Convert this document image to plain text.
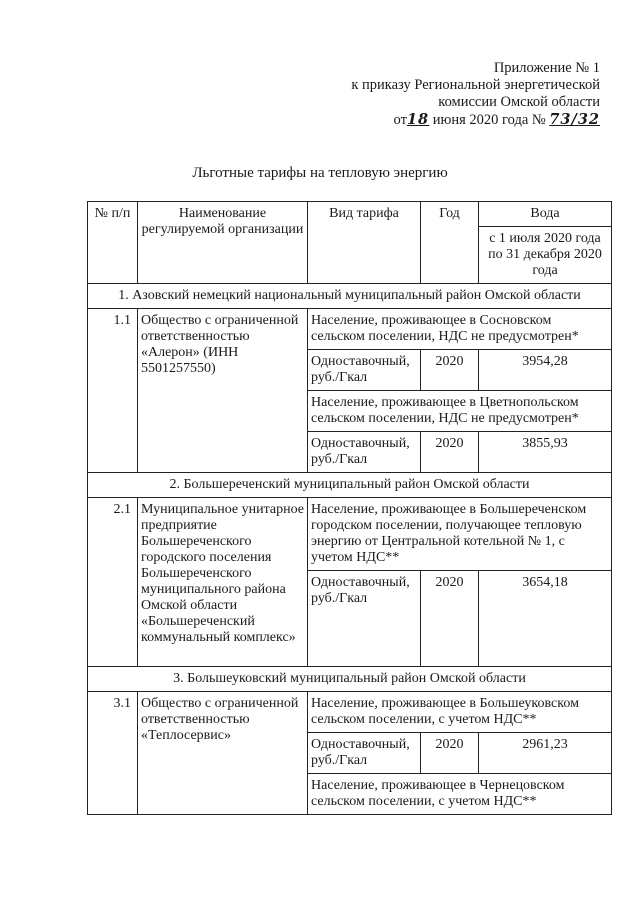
Приложение № 1
к приказу Региональной энергетической
комиссии Омской области
от18 июня 2020 года № 73/32
Льготные тарифы на тепловую энергию
№ п/п	Наименование регулируемой организации	Вид тарифа	Год	Вода
				с 1 июля 2020 года по 31 декабря 2020 года
1. Азовский немецкий национальный муниципальный район Омской области				
1.1	Общество с ограниченной ответственностью «Алерон» (ИНН 5501257550)	Население, проживающее в Сосновском сельском поселении, НДС не предусмотрен*		
		Одноставочный, руб./Гкал	2020	3954,28
		Население, проживающее в Цветнопольском сельском поселении, НДС не предусмотрен*		
		Одноставочный, руб./Гкал	2020	3855,93
2. Большереченский муниципальный район Омской области				
2.1	Муниципальное унитарное предприятие Большереченского городского поселения Большереченского муниципального района Омской области «Большереченский коммунальный комплекс»	Население, проживающее в Большереченском городском поселении, получающее тепловую энергию от Центральной котельной № 1, с учетом НДС**		
		Одноставочный, руб./Гкал	2020	3654,18
3. Большеуковский муниципальный район Омской области				
3.1	Общество с ограниченной ответственностью «Теплосервис»	Население, проживающее в Большеуковском сельском поселении, с учетом НДС**		
		Одноставочный, руб./Гкал	2020	2961,23
		Население, проживающее в Чернецовском сельском поселении, с учетом НДС**		
